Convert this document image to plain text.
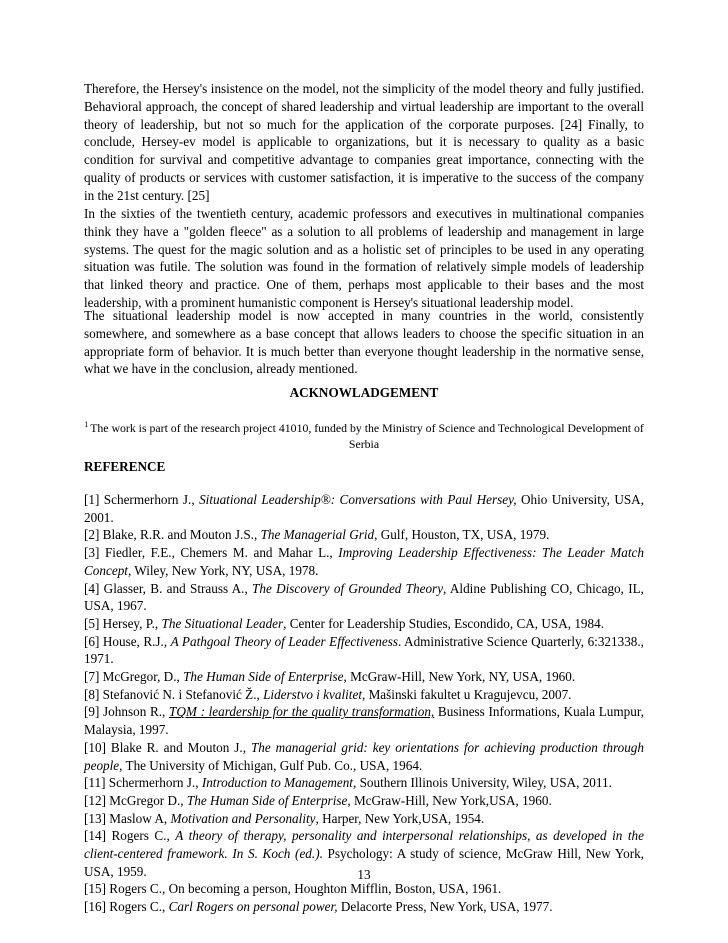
Therefore, the Hersey's insistence on the model, not the simplicity of the model theory and fully justified. Behavioral approach, the concept of shared leadership and virtual leadership are important to the overall theory of leadership, but not so much for the application of the corporate purposes. [24] Finally, to conclude, Hersey-ev model is applicable to organizations, but it is necessary to quality as a basic condition for survival and competitive advantage to companies great importance, connecting with the quality of products or services with customer satisfaction, it is imperative to the success of the company in the 21st century. [25]

In the sixties of the twentieth century, academic professors and executives in multinational companies think they have a "golden fleece" as a solution to all problems of leadership and management in large systems. The quest for the magic solution and as a holistic set of principles to be used in any operating situation was futile. The solution was found in the formation of relatively simple models of leadership that linked theory and practice. One of them, perhaps most applicable to their bases and the most leadership, with a prominent humanistic component is Hersey's situational leadership model.

The situational leadership model is now accepted in many countries in the world, consistently somewhere, and somewhere as a base concept that allows leaders to choose the specific situation in an appropriate form of behavior. It is much better than everyone thought leadership in the normative sense, what we have in the conclusion, already mentioned.

ACKNOWLADGEMENT

$^1$ The work is part of the research project 41010, funded by the Ministry of Science and Technological Development of Serbia

REFERENCE
[1] Schermerhorn J., Situational Leadership®: Conversations with Paul Hersey, Ohio University, USA, 2001.
[2] Blake, R.R. and Mouton J.S., The Managerial Grid, Gulf, Houston, TX, USA, 1979.
[3] Fiedler, F.E., Chemers M. and Mahar L., Improving Leadership Effectiveness: The Leader Match Concept, Wiley, New York, NY, USA, 1978.
[4] Glasser, B. and Strauss A., The Discovery of Grounded Theory, Aldine Publishing CO, Chicago, IL, USA, 1967.
[5] Hersey, P., The Situational Leader, Center for Leadership Studies, Escondido, CA, USA, 1984.
[6] House, R.J., A Pathgoal Theory of Leader Effectiveness. Administrative Science Quarterly, 6:321338., 1971.
[7] McGregor, D., The Human Side of Enterprise, McGraw-Hill, New York, NY, USA, 1960.
[8] Stefanović N. i Stefanović Ž., Liderstvo i kvalitet, Mašinski fakultet u Kragujevcu, 2007.
[9] Johnson R., TQM : leardership for the quality transformation, Business Informations, Kuala Lumpur, Malaysia, 1997.
[10] Blake R. and Mouton J., The managerial grid: key orientations for achieving production through people, The University of Michigan, Gulf Pub. Co., USA, 1964.
[11] Schermerhorn J., Introduction to Management, Southern Illinois University, Wiley, USA, 2011.
[12] McGregor D., The Human Side of Enterprise, McGraw-Hill, New York,USA, 1960.
[13] Maslow A, Motivation and Personality, Harper, New York,USA, 1954.
[14] Rogers C., A theory of therapy, personality and interpersonal relationships, as developed in the client-centered framework. In S. Koch (ed.). Psychology: A study of science, McGraw Hill, New York, USA, 1959.
[15] Rogers C., On becoming a person, Houghton Mifflin, Boston, USA, 1961.
[16] Rogers C., Carl Rogers on personal power, Delacorte Press, New York, USA, 1977.

13
